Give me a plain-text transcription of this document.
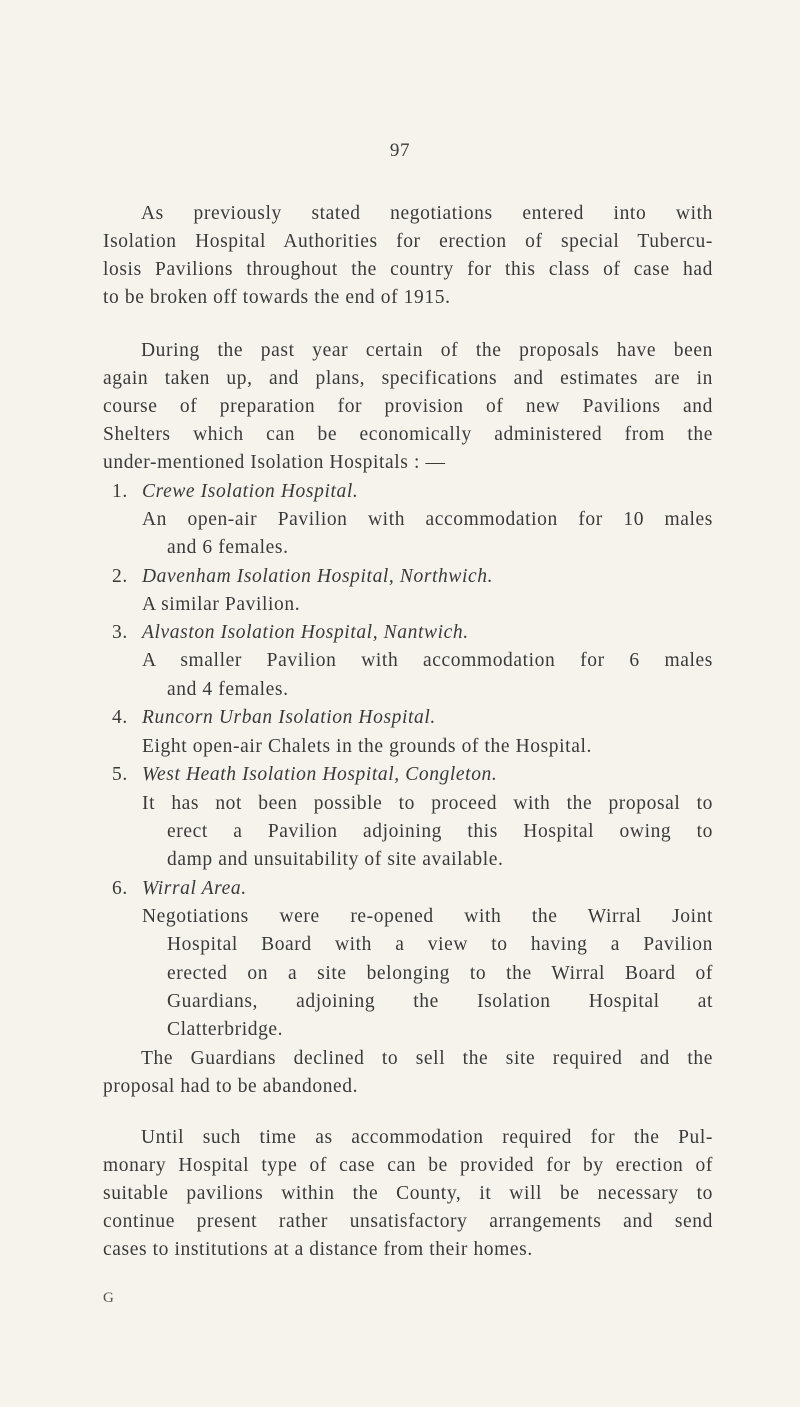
97
As previously stated negotiations entered into with
Isolation Hospital Authorities for erection of special Tubercu-
losis Pavilions throughout the country for this class of case had
to be broken off towards the end of 1915.
During the past year certain of the proposals have been
again taken up, and plans, specifications and estimates are in
course of preparation for provision of new Pavilions and
Shelters which can be economically administered from the
under-mentioned Isolation Hospitals : —
1. Crewe Isolation Hospital.
An open-air Pavilion with accommodation for 10 males
and 6 females.
2. Davenham Isolation Hospital, Northwich.
A similar Pavilion.
3. Alvaston Isolation Hospital, Nantwich.
A smaller Pavilion with accommodation for 6 males
and 4 females.
4. Runcorn Urban Isolation Hospital.
Eight open-air Chalets in the grounds of the Hospital.
5. West Heath Isolation Hospital, Congleton.
It has not been possible to proceed with the proposal to
erect a Pavilion adjoining this Hospital owing to
damp and unsuitability of site available.
6. Wirral Area.
Negotiations were re-opened with the Wirral Joint
Hospital Board with a view to having a Pavilion
erected on a site belonging to the Wirral Board of
Guardians, adjoining the Isolation Hospital at
Clatterbridge.
The Guardians declined to sell the site required and the
proposal had to be abandoned.
Until such time as accommodation required for the Pul-
monary Hospital type of case can be provided for by erection of
suitable pavilions within the County, it will be necessary to
continue present rather unsatisfactory arrangements and send
cases to institutions at a distance from their homes.
G
